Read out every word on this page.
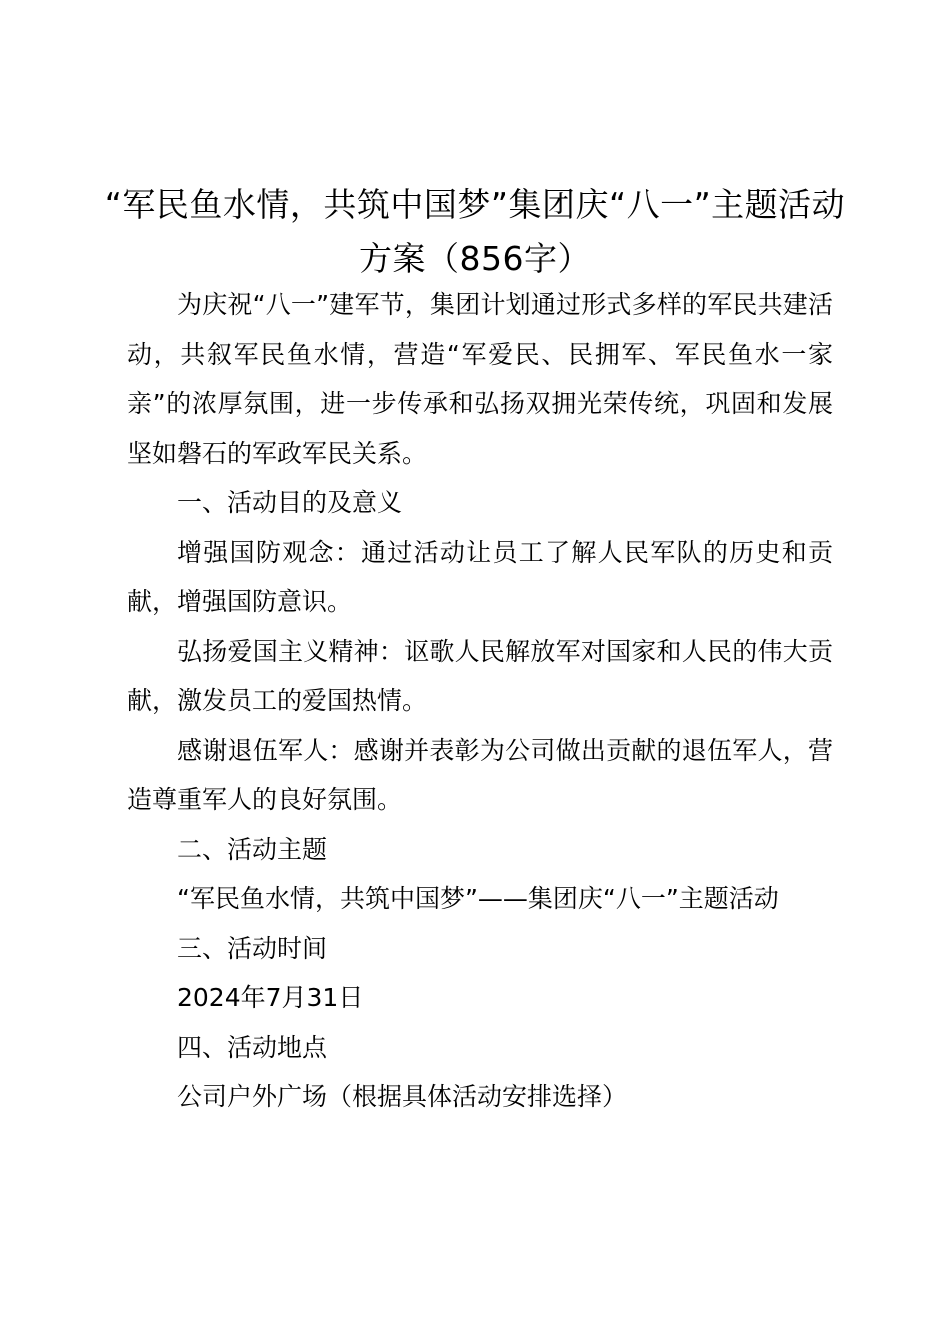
“军民鱼水情，共筑中国梦”集团庆“八一”主题活动方案（856字）

为庆祝“八一”建军节，集团计划通过形式多样的军民共建活动，共叙军民鱼水情，营造“军爱民、民拥军、军民鱼水一家亲”的浓厚氛围，进一步传承和弘扬双拥光荣传统，巩固和发展坚如磐石的军政军民关系。

一、活动目的及意义

增强国防观念：通过活动让员工了解人民军队的历史和贡献，增强国防意识。

弘扬爱国主义精神：讴歌人民解放军对国家和人民的伟大贡献，激发员工的爱国热情。

感谢退伍军人：感谢并表彰为公司做出贡献的退伍军人，营造尊重军人的良好氛围。

二、活动主题

“军民鱼水情，共筑中国梦”——集团庆“八一”主题活动

三、活动时间

2024年7月31日

四、活动地点

公司户外广场（根据具体活动安排选择）
